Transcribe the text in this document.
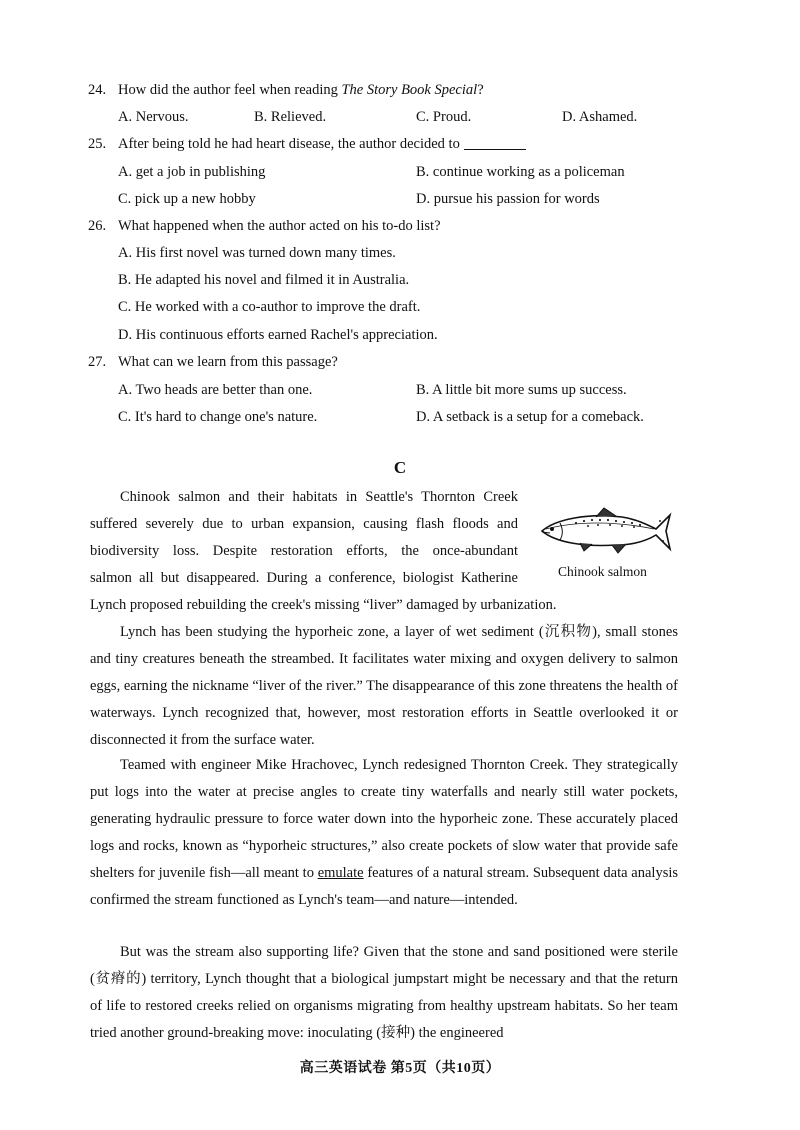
24. How did the author feel when reading The Story Book Special?
A. Nervous.	B. Relieved.	C. Proud.	D. Ashamed.
25. After being told he had heart disease, the author decided to
A. get a job in publishing	B. continue working as a policeman
C. pick up a new hobby	D. pursue his passion for words
26. What happened when the author acted on his to-do list?
A. His first novel was turned down many times.
B. He adapted his novel and filmed it in Australia.
C. He worked with a co-author to improve the draft.
D. His continuous efforts earned Rachel's appreciation.
27. What can we learn from this passage?
A. Two heads are better than one.	B. A little bit more sums up success.
C. It's hard to change one's nature.	D. A setback is a setup for a comeback.
C
Chinook salmon and their habitats in Seattle's Thornton Creek
suffered severely due to urban expansion, causing flash floods and
biodiversity loss. Despite restoration efforts, the once-abundant
salmon all but disappeared. During a conference, biologist Katherine
Lynch proposed rebuilding the creek's missing “liver” damaged by urbanization.
Chinook salmon
Lynch has been studying the hyporheic zone, a layer of wet sediment (沉积物), small stones and tiny creatures beneath the streambed. It facilitates water mixing and oxygen delivery to salmon eggs, earning the nickname “liver of the river.” The disappearance of this zone threatens the health of waterways. Lynch recognized that, however, most restoration efforts in Seattle overlooked it or disconnected it from the surface water.
Teamed with engineer Mike Hrachovec, Lynch redesigned Thornton Creek. They strategically put logs into the water at precise angles to create tiny waterfalls and nearly still water pockets, generating hydraulic pressure to force water down into the hyporheic zone. These accurately placed logs and rocks, known as “hyporheic structures,” also create pockets of slow water that provide safe shelters for juvenile fish—all meant to emulate features of a natural stream. Subsequent data analysis confirmed the stream functioned as Lynch's team—and nature—intended.
But was the stream also supporting life? Given that the stone and sand positioned were sterile (贫瘠的) territory, Lynch thought that a biological jumpstart might be necessary and that the return of life to restored creeks relied on organisms migrating from healthy upstream habitats. So her team tried another ground-breaking move: inoculating (接种) the engineered
高三英语试卷 第5页（共10页）
